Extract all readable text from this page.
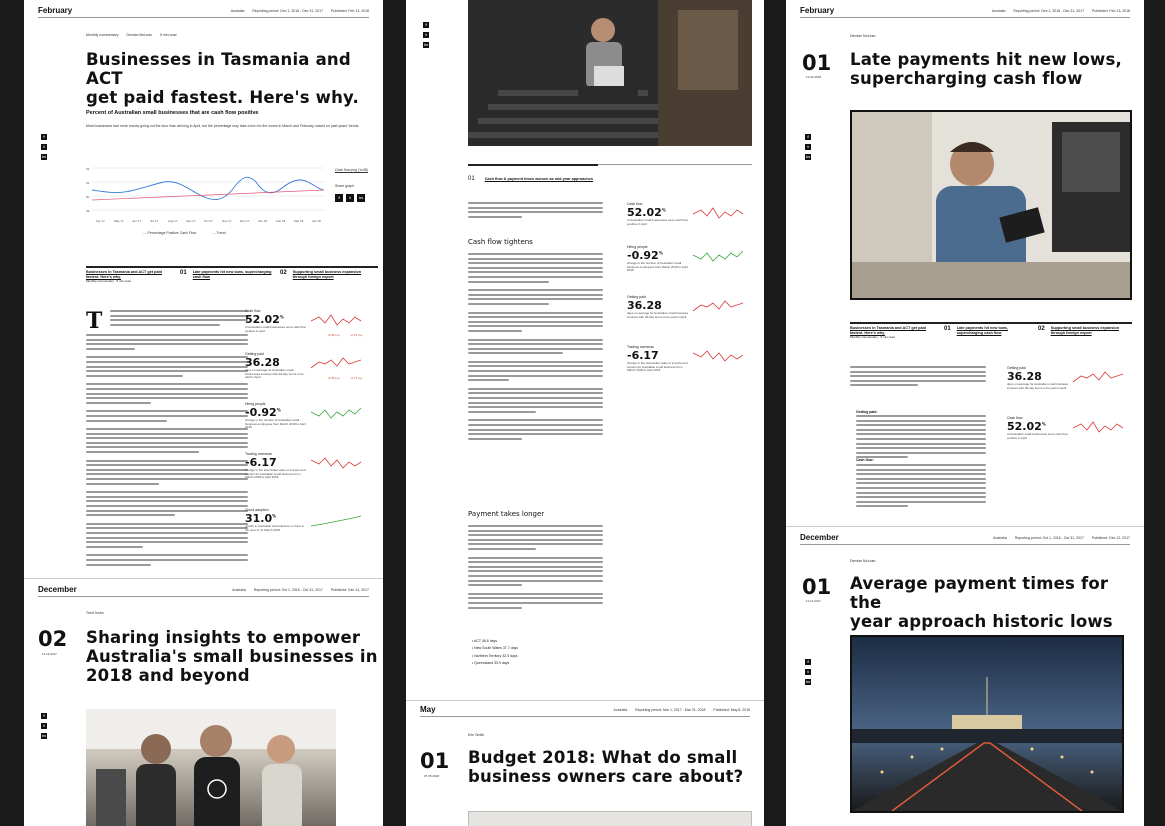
February	Australia Reporting period: Dec 1, 2016 - Dec 31, 2017 Published: Feb 13, 2018
Monthly commentary Demian McLean 5 min read
Businesses in Tasmania and ACT
get paid fastest. Here's why.
f
t
in
Percent of Australian small businesses that are cash flow positive
Most businesses had more money going out the door than arriving in April, but the percentage may take a turn for the worse in March and February, based on past years' trends.
52
51
50
49
Apr 17	May 17	Jun 17	Jul 17	Aug 17	Sep 17	Oct 17	Nov 17	Dec 17	Jan 18	Feb 18	Mar 18	Apr 18
— Percentage Positive Cash Flow	— Trend
Cash flow.png (1x48)
Share graph
f	t	in
Businesses in Tasmania and ACT get paid fastest. Here's why.
Monthly commentary · 5 min read
01 Late payments hit new lows, supercharging cash flow
02 Supporting small business expansion through foreign export
T	Cash flow
52.02%
of Australian small businesses were cash flow positive in April
-0.35 p.p.	-2.47 p.p.
Getting paid
36.28
days on average for Australian small businesses invoices with 30-day terms to be paid in April	-0.45 p.p.	-2.77 p.p.
Hiring people
-0.92%
change in the number of Australian small business employees from March 2018 to April 2018
Trading overseas
-6.17
change in the total dollar value of imports and exports for Australian small business from March 2018 to April 2018
Cloud adoption
31.0%
growth in Australian subscriptions on Xero in the year to 31 March 2018
December	Australia Reporting period: Oct 1, 2016 - Oct 31, 2017 Published: Dec 12, 2017
Trent Innes
02
11.12.2017
Sharing insights to empower
Australia's small businesses in
2018 and beyond
f
t
in
01	Cash flow & payment times worsen as mid-year approaches
f
t
in
Cash flow tightens
Payment takes longer
• ACT 36.6 days
• New South Wales 37.7 days
• Northern Territory 32.5 days
• Queensland 33.9 days
Cash flow
52.02%
of Australian small businesses were cash flow positive in April
Hiring people
-0.92%
change in the number of Australian small business employees from March 2018 to April 2018
Getting paid
36.28
days on average for Australian small business invoices with 30-day terms to be paid in April
Trading overseas
-6.17
change in the total dollar value of imports and exports for Australian small business from March 2018 to April 2018
May	Australia Reporting period: Mar 1, 2017 - Mar 31, 2018 Published: May 8, 2018
Erin Smith
01
07.05.2018
Budget 2018: What do small
business owners care about?
February	Australia Reporting period: Dec 1, 2016 - Dec 31, 2017 Published: Feb 13, 2018
Demian McLean
01
12.02.2018
Late payments hit new lows,
supercharging cash flow
f
t
in
Businesses in Tasmania and ACT get paid fastest. Here's why.
Monthly commentary · 5 min read
01 Late payments hit new lows, supercharging cash flow
02 Supporting small business expansion through foreign export
Getting paid:
Cash flow:
Getting paid
36.28
days on average for Australian small business invoices with 30-day terms to be paid in April
Cash flow
52.02%
of Australian small businesses were cash flow positive in April
December	Australia Reporting period: Oct 1, 2016 - Oct 31, 2017 Published: Dec 12, 2017
Demian McLean
01
11.12.2017
Average payment times for the
year approach historic lows
f
t
in
